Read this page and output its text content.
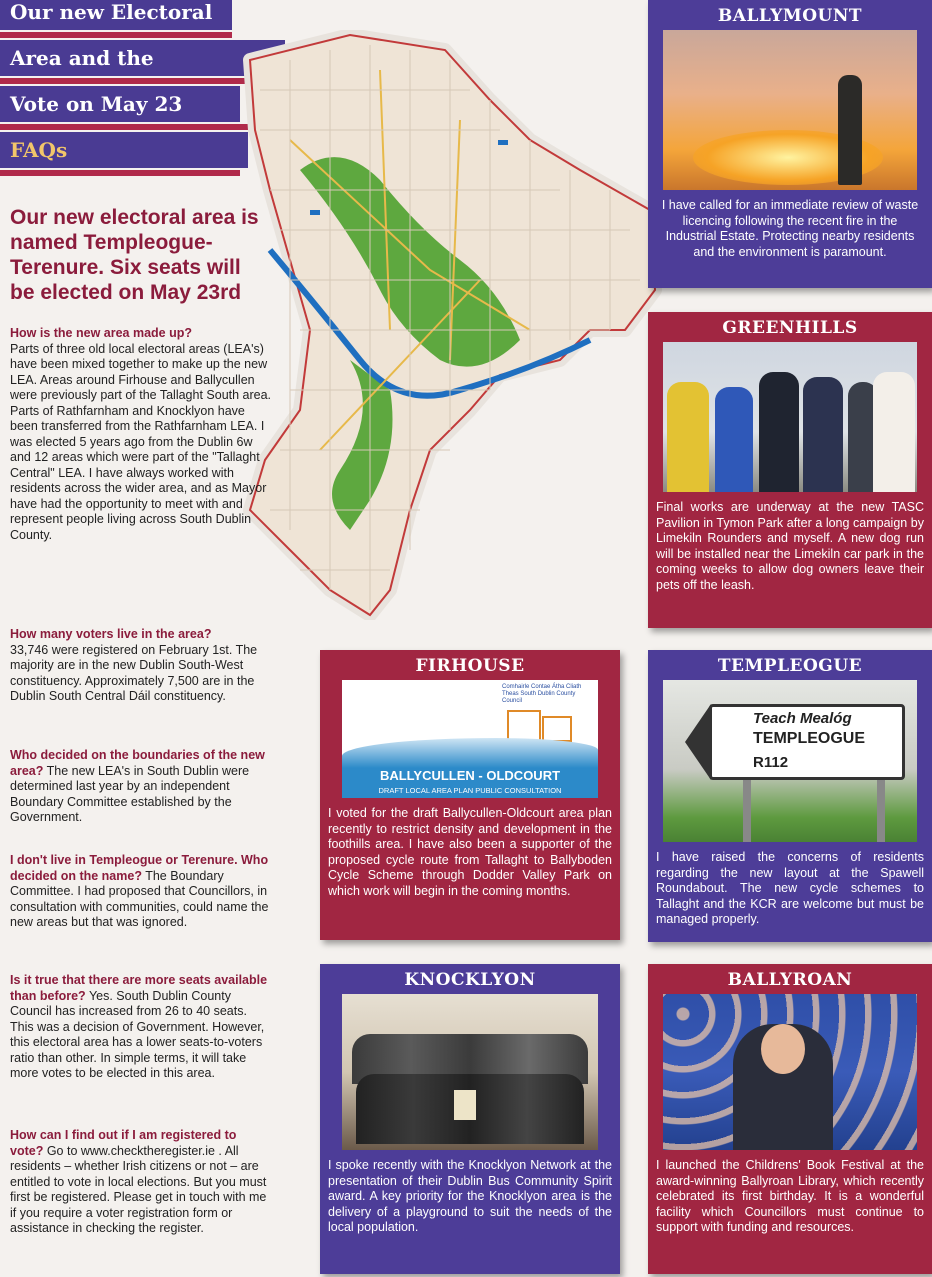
Our new Electoral
Area and the
Vote on May 23
FAQs
Our new electoral area is named Templeogue-Terenure. Six seats will be elected on May 23rd
How is the new area made up?
Parts of three old local electoral areas (LEA's) have been mixed together to make up the new LEA. Areas around Firhouse and Ballycullen were previously part of the Tallaght South area. Parts of Rathfarnham and Knocklyon have been transferred from the Rathfarnham LEA. I was elected 5 years ago from the Dublin 6w and 12 areas which were part of the "Tallaght Central" LEA. I have always worked with residents across the wider area, and as Mayor have had the opportunity to meet with and represent people living across South Dublin County.
How many voters live in the area?
33,746 were registered on February 1st. The majority are in the new Dublin South-West constituency. Approximately 7,500 are in the Dublin South Central Dáil constituency.
Who decided on the boundaries of the new area? The new LEA's in South Dublin were determined last year by an independent Boundary Committee established by the Government.
I don't live in Templeogue or Terenure. Who decided on the name? The Boundary Committee. I had proposed that Councillors, in consultation with communities, could name the new areas but that was ignored.
Is it true that there are more seats available than before? Yes. South Dublin County Council has increased from 26 to 40 seats. This was a decision of Government. However, this electoral area has a lower seats-to-voters ratio than other. In simple terms, it will take more votes to be elected in this area.
How can I find out if I am registered to vote? Go to www.checktheregister.ie . All residents – whether Irish citizens or not – are entitled to vote in local elections. But you must first be registered. Please get in touch with me if you require a voter registration form or assistance in checking the register.
BALLYMOUNT
I have called for an immediate review of waste licencing following the recent fire in the Industrial Estate. Protecting nearby residents and the environment is paramount.
GREENHILLS
Final works are underway at the new TASC Pavilion in Tymon Park after a long campaign by Limekiln Rounders and myself. A new dog run will be installed near the Limekiln car park in the coming weeks to allow dog owners leave their pets off the leash.
FIRHOUSE
Comhairle Contae Átha Cliath Theas South Dublin County Council
BALLYCULLEN - OLDCOURT
DRAFT LOCAL AREA PLAN PUBLIC CONSULTATION
I voted for the draft Ballycullen-Oldcourt area plan recently to restrict density and development in the foothills area. I have also been a supporter of the proposed cycle route from Tallaght to Ballyboden Cycle Scheme through Dodder Valley Park on which work will begin in the coming months.
TEMPLEOGUE
Teach Mealóg
TEMPLEOGUE
R112
I have raised the concerns of residents regarding the new layout at the Spawell Roundabout. The new cycle schemes to Tallaght and the KCR are welcome but must be managed properly.
KNOCKLYON
I spoke recently with the Knocklyon Network at the presentation of their Dublin Bus Community Spirit award. A key priority for the Knocklyon area is the delivery of a playground to suit the needs of the local population.
BALLYROAN
I launched the Childrens' Book Festival at the award-winning Ballyroan Library, which recently celebrated its first birthday. It is a wonderful facility which Councillors must continue to support with funding and resources.
